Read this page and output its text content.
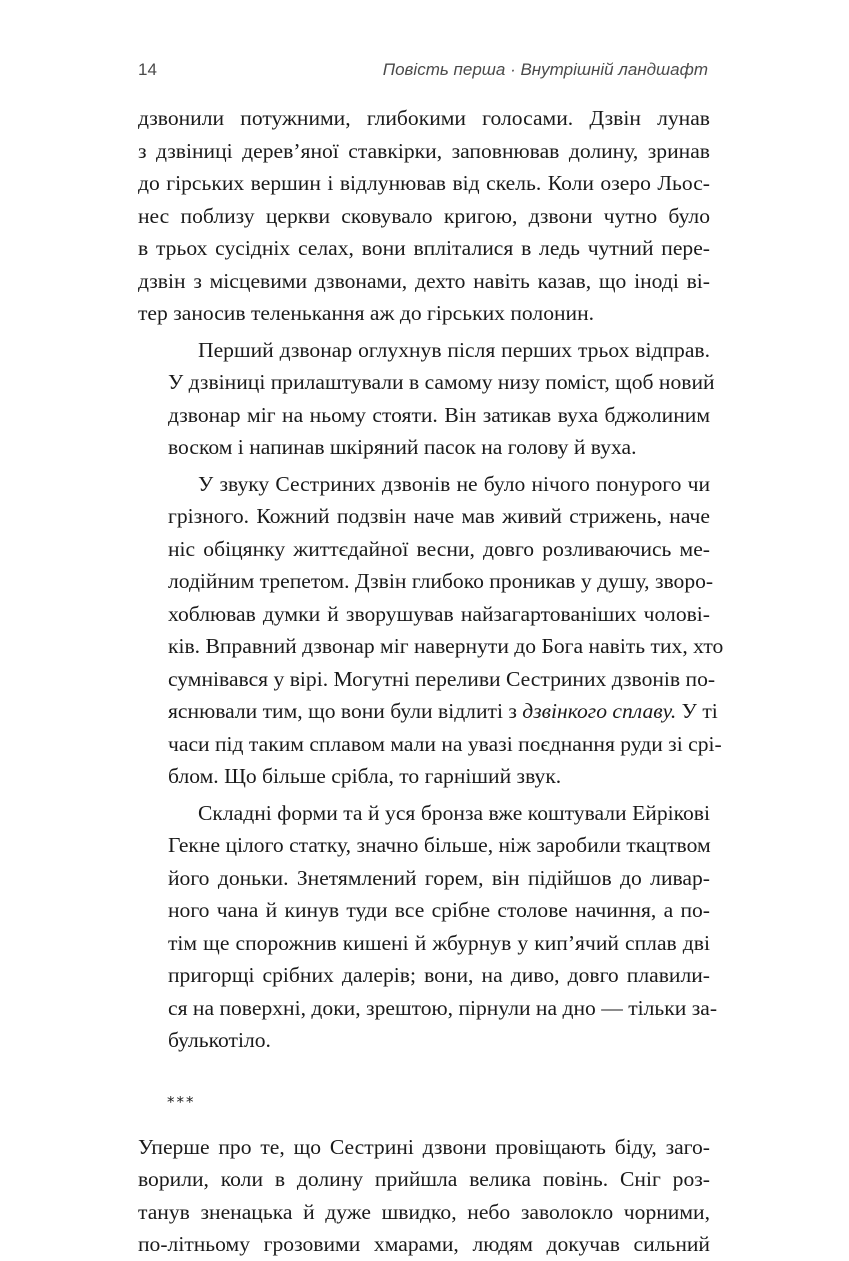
14	Повість перша · Внутрішній ландшафт

дзвонили потужними, глибокими голосами. Дзвін лунав
з дзвіниці дерев’яної ставкірки, заповнював долину, зринав
до гірських вершин і відлунював від скель. Коли озеро Льос-
нес поблизу церкви сковувало кригою, дзвони чутно було
в трьох сусідніх селах, вони впліталися в ледь чутний пере-
дзвін з місцевими дзвонами, дехто навіть казав, що іноді ві-
тер заносив теленькання аж до гірських полонин.

Перший дзвонар оглухнув після перших трьох відправ.
У дзвіниці прилаштували в самому низу поміст, щоб новий
дзвонар міг на ньому стояти. Він затикав вуха бджолиним
воском і напинав шкіряний пасок на голову й вуха.

У звуку Сестриних дзвонів не було нічого понурого чи
грізного. Кожний подзвін наче мав живий стрижень, наче
ніс обіцянку життєдайної весни, довго розливаючись ме-
лодійним трепетом. Дзвін глибоко проникав у душу, зворо-
хоблював думки й зворушував найзагартованіших чолові-
ків. Вправний дзвонар міг навернути до Бога навіть тих, хто
сумнівався у вірі. Могутні переливи Сестриних дзвонів по-
яснювали тим, що вони були відлиті з дзвінкого сплаву. У ті
часи під таким сплавом мали на увазі поєднання руди зі срі-
блом. Що більше срібла, то гарніший звук.

Складні форми та й уся бронза вже коштували Ейрікові
Гекне цілого статку, значно більше, ніж заробили ткацтвом
його доньки. Знетямлений горем, він підійшов до ливар-
ного чана й кинув туди все срібне столове начиння, а по-
тім ще спорожнив кишені й жбурнув у кип’ячий сплав дві
пригорщі срібних далерів; вони, на диво, довго плавили-
ся на поверхні, доки, зрештою, пірнули на дно — тільки за-
булькотіло.

***

Уперше про те, що Сестрині дзвони провіщають біду, заго-
ворили, коли в долину прийшла велика повінь. Сніг роз-
танув зненацька й дуже швидко, небо заволокло чорними,
по-літньому грозовими хмарами, людям докучав сильний
